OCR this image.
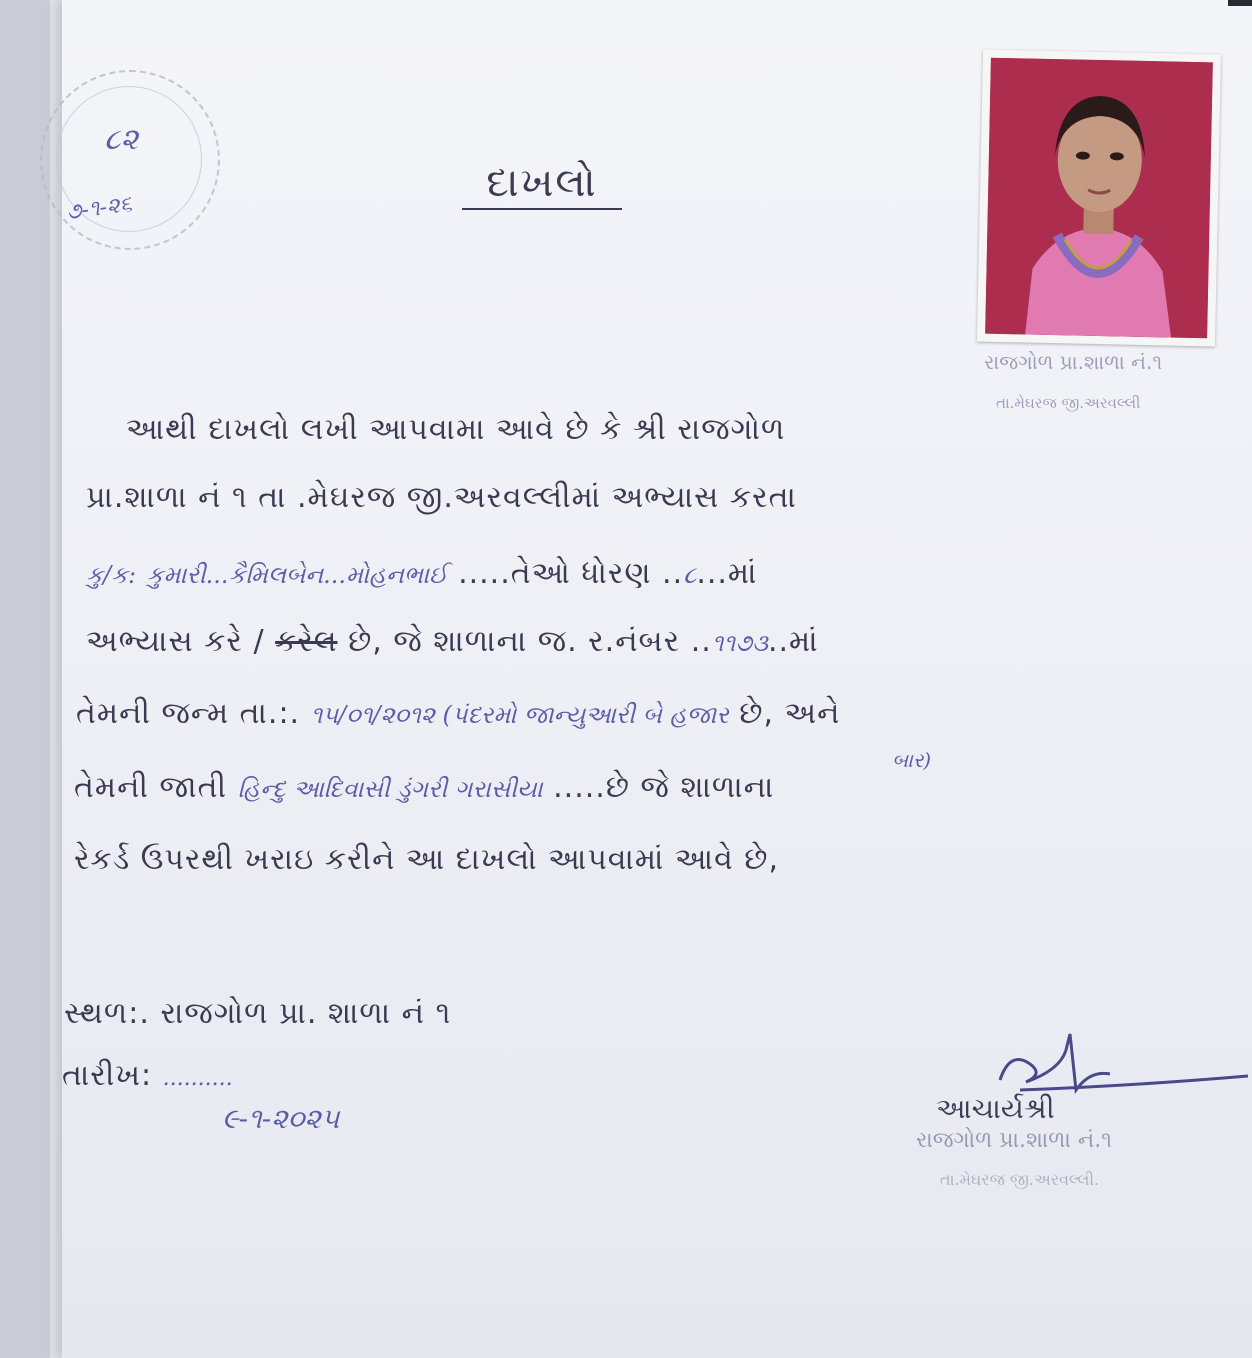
૮૨
૭-૧-૨૬
દાખલો
રાજગોળ પ્રા.શાળા નં.૧
તા.મેઘરજ જી.અરવલ્લી
આથી દાખલો લખી આપવામા આવે છે કે શ્રી રાજગોળ
પ્રા.શાળા નં ૧ તા .મેઘરજ જી.અરવલ્લીમાં અભ્યાસ કરતા
કુ/ક: કુમારી...કૈમિલબેન...મોહનભાઈ .....તેઓ ધોરણ ..૮...માં
અભ્યાસ કરે / કરેલ છે, જે શાળાના જ. ર.નંબર ..૧૧૭૩..માં
તેમની જન્મ તા.:. ૧૫/૦૧/૨૦૧૨ (પંદરમો જાન્યુઆરી બે હજાર છે, અને
બાર)
તેમની જાતી હિન્દુ આદિવાસી ડુંગરી ગરાસીયા .....છે જે શાળાના
રેકર્ડ ઉપરથી ખરાઇ કરીને આ દાખલો આપવામાં આવે છે,
સ્થળ:. રાજગોળ પ્રા. શાળા નં ૧
તારીખ: ..........
૯-૧-૨૦૨૫	આચાર્યશ્રી
રાજગોળ પ્રા.શાળા નં.૧
તા.મેઘરજ જી.અરવલ્લી.
